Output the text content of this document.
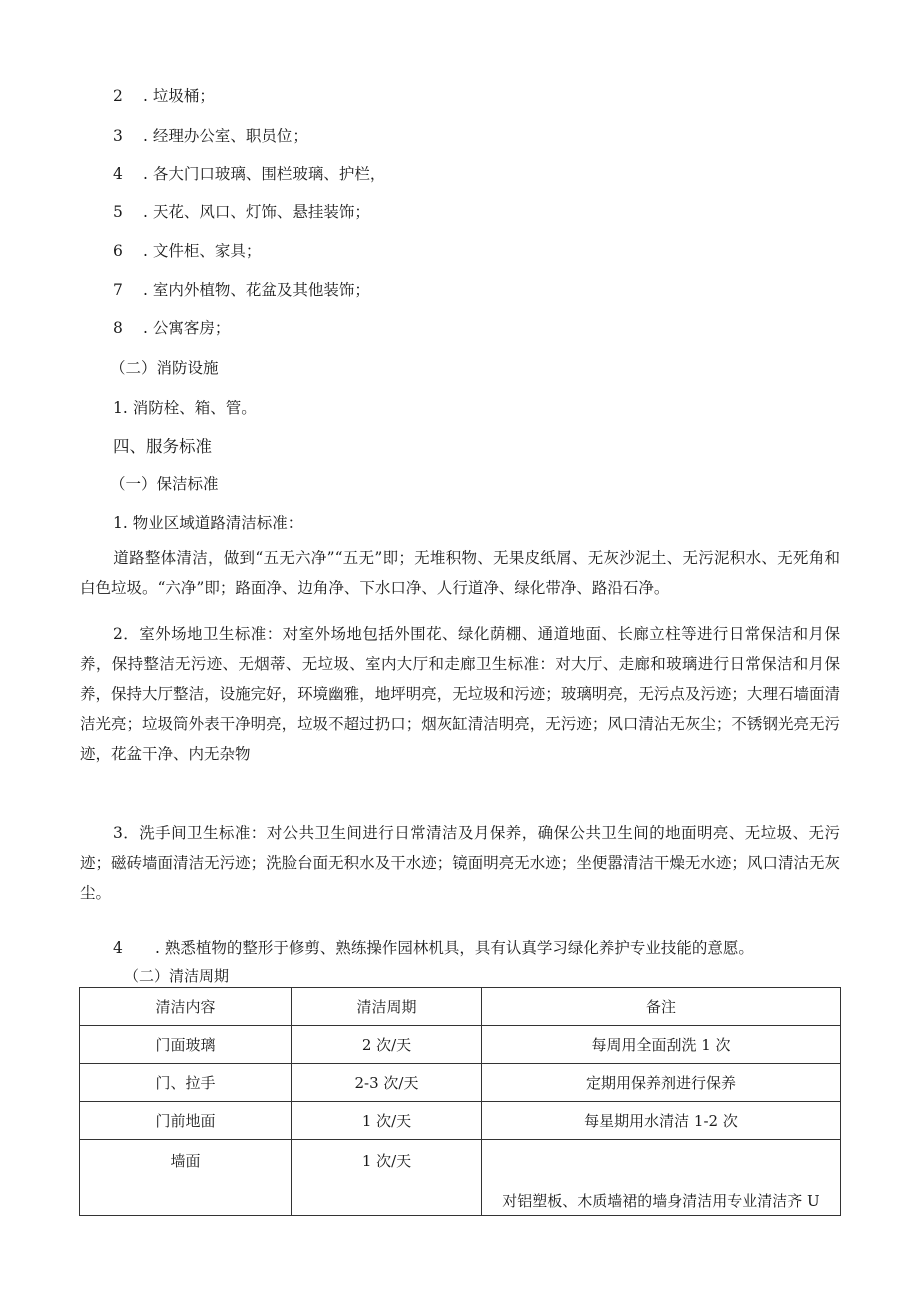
2 . 垃圾桶；
3 . 经理办公室、职员位；
4 . 各大门口玻璃、围栏玻璃、护栏，
5 . 天花、风口、灯饰、悬挂装饰；
6 . 文件柜、家具；
7 . 室内外植物、花盆及其他装饰；
8 . 公寓客房；
（二）消防设施
1. 消防栓、箱、管。
四、服务标准
（一）保洁标准
1. 物业区域道路清洁标准：
道路整体清洁，做到“五无六净”“五无”即；无堆积物、无果皮纸屑、无灰沙泥土、无污泥积水、无死角和白色垃圾。“六净”即；路面净、边角净、下水口净、人行道净、绿化带净、路沿石净。
2．室外场地卫生标准：对室外场地包括外围花、绿化荫棚、通道地面、长廊立柱等进行日常保洁和月保养，保持整洁无污迹、无烟蒂、无垃圾、室内大厅和走廊卫生标准：对大厅、走廊和玻璃进行日常保洁和月保养，保持大厅整洁，设施完好，环境幽雅，地坪明亮，无垃圾和污迹；玻璃明亮，无污点及污迹；大理石墙面清洁光亮；垃圾筒外表干净明亮，垃圾不超过扔口；烟灰缸清洁明亮，无污迹；风口清沾无灰尘；不锈钢光亮无污迹，花盆干净、内无杂物
3．洗手间卫生标准：对公共卫生间进行日常清洁及月保养，确保公共卫生间的地面明亮、无垃圾、无污迹；磁砖墙面清洁无污迹；洗脸台面无积水及干水迹；镜面明亮无水迹；坐便嚣清洁干燥无水迹；风口清沽无灰尘。
4 . 熟悉植物的整形于修剪、熟练操作园林机具，具有认真学习绿化养护专业技能的意愿。
（二）清洁周期
清洁内容	清洁周期	备注
门面玻璃	2 次/天	每周用全面刮洗 1 次
门、拉手	2-3 次/天	定期用保养剂进行保养
门前地面	1 次/天	每星期用水清洁 1-2 次
墙面	1 次/天	对铝塑板、木质墙裙的墙身清洁用专业清洁齐 U
